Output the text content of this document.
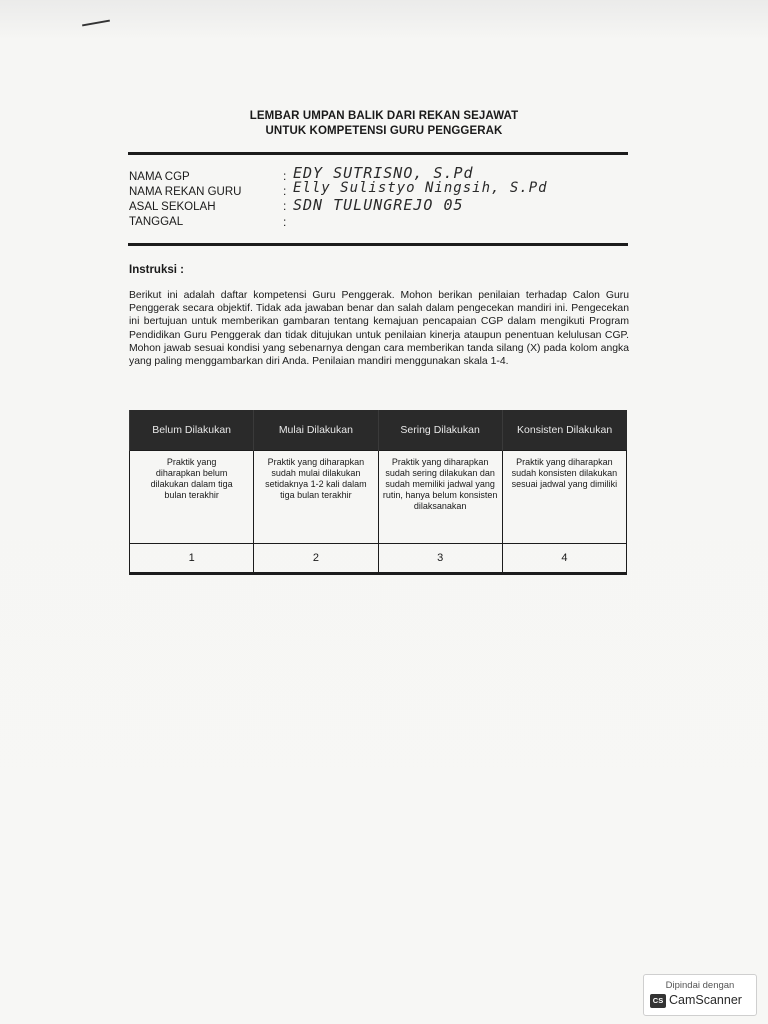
LEMBAR UMPAN BALIK DARI REKAN SEJAWAT
UNTUK KOMPETENSI GURU PENGGERAK
NAMA CGP	: EDY SUTRISNO, S.Pd
NAMA REKAN GURU	: Elly Sulistyo Ningsih, S.Pd
ASAL SEKOLAH	: SDN TULUNGREJO 05
TANGGAL	:
Instruksi :
Berikut ini adalah daftar kompetensi Guru Penggerak. Mohon berikan penilaian terhadap Calon Guru Penggerak secara objektif. Tidak ada jawaban benar dan salah dalam pengecekan mandiri ini. Pengecekan ini bertujuan untuk memberikan gambaran tentang kemajuan pencapaian CGP dalam mengikuti Program Pendidikan Guru Penggerak dan tidak ditujukan untuk penilaian kinerja ataupun penentuan kelulusan CGP. Mohon jawab sesuai kondisi yang sebenarnya dengan cara memberikan tanda silang (X) pada kolom angka yang paling menggambarkan diri Anda. Penilaian mandiri menggunakan skala 1-4.
Belum Dilakukan	Mulai Dilakukan	Sering Dilakukan	Konsisten Dilakukan
Praktik yang diharapkan belum dilakukan dalam tiga bulan terakhir	Praktik yang diharapkan sudah mulai dilakukan setidaknya 1-2 kali dalam tiga bulan terakhir	Praktik yang diharapkan sudah sering dilakukan dan sudah memiliki jadwal yang rutin, hanya belum konsisten dilaksanakan	Praktik yang diharapkan sudah konsisten dilakukan sesuai jadwal yang dimiliki
1	2	3	4
Dipindai dengan
CS CamScanner
